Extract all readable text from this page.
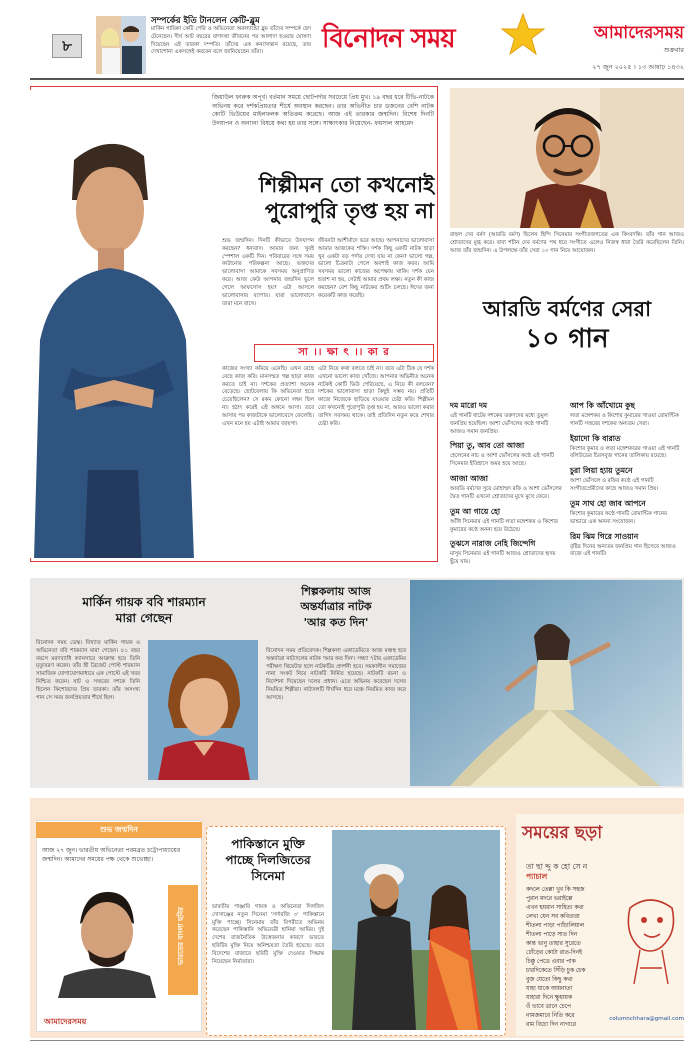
৮
সম্পর্কের ইতি টানলেন কেটি-ব্লুম
মার্কিন গায়িকা কেটি পেরি ও অভিনেতা অরল্যান্ডো ব্লুম তাঁদের সম্পর্কে ছেদ টেনেছেন। দীর্ঘ আট বছরের বাগদত্তা জীবনের পর আলাদা হওয়ার ঘোষণা দিয়েছেন এই তারকা দম্পতি। তাঁদের এক কন্যাসন্তান রয়েছে, তার দেখাশোনা একসঙ্গেই করবেন বলে জানিয়েছেন তাঁরা।	বিনোদন সময়	আমাদেরসময়
শুক্রবার
২৭ জুন ২০২৫ । ১৩ আষাঢ় ১৪৩২
জিয়াউল ফারুক অপূর্ব। বর্তমান সময়ে ছোটপর্দার সবচেয়ে প্রিয় মুখ। ১৯ বছর ধরে টিভি-নাটকে অভিনয় করে দর্শকপ্রিয়তার শীর্ষে অবস্থান করছেন। তার অভিনীত চার ডজনের বেশি নাটক কোটি ভিউয়ের মাইলফলক অতিক্রম করেছে। আজ এই তারকার জন্মদিন। বিশেষ দিনটি উদযাপন ও অন্যান্য বিষয়ে কথা হয় তার সঙ্গে। সাক্ষাৎকার নিয়েছেন- ফয়সাল আহমেদ
শিল্পীমন তো কখনোই
পুরোপুরি তৃপ্ত হয় না
শুভ জন্মদিন। দিনটি কীভাবে উদযাপন করছেন? ধন্যবাদ। আমার জন্য খুবই স্পেশাল একটি দিন। পরিবারের সঙ্গে সময় কাটানোর পরিকল্পনা আছে। ভক্তদের ভালোবাসা আমাকে সবসময় অনুপ্রাণিত করে। আজ কেউ আপনার জন্মদিন ভুলে গেলে আফসোস হয়? এটা আসলে ভালোবাসার ব্যাপার। যারা ভালোবাসে তারা মনে রাখে।
জীবনটা আশীর্বাদে ভরে আছে। আপনাদের ভালোবাসা আমার আজকের শক্তি। দর্শক কিছু একটি নাটক ছাড়া খুব একটা বড় পর্দায় দেখা যায় না কেন? ভালো গল্প, ভালো চিত্রনাট্য পেলে অবশ্যই কাজ করব। আমি সবসময় ভালো কাজের অপেক্ষায় থাকি। দর্শক যেন হতাশ না হয়, সেটাই আমার প্রথম লক্ষ্য। নতুন কী কাজ করছেন? বেশ কিছু নাটকের শুটিং চলছে। ঈদের জন্য কয়েকটি কাজ করেছি।
সা ।। ক্ষা ৎ ।। কা র
কাজের সংখ্যা কমিয়ে এনেছি। এখন বেছে বেছে কাজ করি। মানসম্মত গল্প ছাড়া কাজ করতে চাই না। দর্শকের প্রত্যাশা অনেক বেড়েছে। ছোটবেলায় কি অভিনেতা হতে চেয়েছিলেন? সে রকম কোনো লক্ষ্য ছিল না। হঠাৎ করেই এই অঙ্গনে আসা। তবে আসার পর কাজটাকে ভালোবেসে ফেলেছি। এখন মনে হয় এটাই আমার জায়গা।
এটা নিয়ে কথা বলতে চাই না। তবে এটা ঠিক যে দর্শক এখনো ভালো কাজ খোঁজে। আপনার অভিনীত অনেক নাটকই কোটি ভিউ পেরিয়েছে, এ নিয়ে কী বলবেন? দর্শকের ভালোবাসা ছাড়া কিছুই সম্ভব নয়। প্রতিটি কাজে নিজেকে ছাড়িয়ে যাওয়ার চেষ্টা করি। শিল্পীমন তো কখনোই পুরোপুরি তৃপ্ত হয় না, আরও ভালো করার তাগিদ সবসময় থাকে। তাই প্রতিদিন নতুন করে শেখার চেষ্টা করি।
রাহুল দেব বর্মণ (আরডি বর্মণ) ছিলেন হিন্দি সিনেমার সংগীতজগতের এক কিংবদন্তি। তাঁর গান আজও শ্রোতাদের মুগ্ধ করে। বাবা শচীন দেব বর্মণের পথ ধরে সংগীতে এলেও নিজস্ব ধারা তৈরি করেছিলেন তিনি। আজ তাঁর জন্মদিন। এ উপলক্ষে তাঁর সেরা ১০ গান নিয়ে আয়োজন।
আরডি বর্মণের সেরা
১০ গান
দম মারো দম
এই গানটি ষাটের দশকের তরুণদের মধ্যে তুমুল জনপ্রিয় হয়েছিল। আশা ভোঁসলের কণ্ঠে গানটি আজও সমান জনপ্রিয়।
পিয়া তু, আব তো আজা
হেলেনের নাচ ও আশা ভোঁসলের কণ্ঠে এই গানটি সিনেমার ইতিহাসে অমর হয়ে আছে।
আজা আজা
আরডি বর্মণের সুরে মোহাম্মদ রফি ও আশা ভোঁসলের দ্বৈত গানটি এখনো শ্রোতাদের মুখে মুখে ফেরে।
তুম আ গায়ে হো
আঁধি সিনেমার এই গানটি লতা মঙ্গেশকর ও কিশোর কুমারের কণ্ঠে অনন্য হয়ে উঠেছে।
তুঝসে নারাজ নেহি জিন্দেগি
মাসুম সিনেমার এই গানটি আজও শ্রোতাদের হৃদয় ছুঁয়ে যায়।
আপ কি আঁখোমে কুছ
লতা মঙ্গেশকর ও কিশোর কুমারের গাওয়া রোমান্টিক গানটি সত্তরের দশকের অন্যতম সেরা।
ইয়াদো কি বারাত
কিশোর কুমার ও লতা মঙ্গেশকরের গাওয়া এই গানটি বলিউডের চিরসবুজ গানের তালিকায় রয়েছে।
চুরা লিয়া হ্যায় তুমনে
আশা ভোঁসলে ও রফির কণ্ঠে এই গানটি সংগীতপ্রেমীদের কাছে আজও সমান প্রিয়।
তুম সাথ হো জাব আপনে
কিশোর কুমারের কণ্ঠে গানটি রোমান্টিক গানের ভান্ডারে এক অনন্য সংযোজন।
রিম ঝিম গিরে সাওয়ান
বৃষ্টির দিনের অন্যতম জনপ্রিয় গান হিসেবে আজও বাজে এই গানটি।
মার্কিন গায়ক ববি শারম্যান
মারা গেছেন
বিনোদন সময় ডেস্ক। বিখ্যাত মার্কিন গায়ক ও অভিনেতা ববি শারম্যান মারা গেছেন। ৮১ বছর বয়সে মরণব্যাধি ক্যানসারে আক্রান্ত হয়ে তিনি মৃত্যুবরণ করেন। তাঁর স্ত্রী ব্রিজেট পোস্ট শারম্যান সামাজিক যোগাযোগমাধ্যমে এক পোস্টে এই খবর নিশ্চিত করেন। ষাট ও সত্তরের দশকে তিনি ছিলেন কিশোরদের প্রিয় তারকা। তাঁর অসংখ্য গান সে সময় জনপ্রিয়তার শীর্ষে ছিল।
শিল্পকলায় আজ
অন্তর্যাত্রার নাটক
'আর কত দিন'
বিনোদন সময় প্রতিবেদক। শিল্পকলা একাডেমিতে আজ মঞ্চস্থ হবে অন্তর্যাত্রা নাট্যদলের নাটক 'আর কত দিন'। সন্ধ্যা ৭টায় একাডেমির পরীক্ষণ থিয়েটার হলে নাটকটির প্রদর্শনী হবে। সমকালীন সমাজের নানা সংকট নিয়ে নাটকটি নির্মিত হয়েছে। নাটকটি রচনা ও নির্দেশনা দিয়েছেন দলের প্রধান। এতে অভিনয় করেছেন দলের নিয়মিত শিল্পীরা। নাট্যদলটি দীর্ঘদিন ধরে মঞ্চে নিয়মিত কাজ করে আসছে।
শুভ জন্মদিন
আজ ২৭ জুন। ভারতীয় অভিনেতা পরমব্রত চট্টোপাধ্যায়ের জন্মদিন। আমাদের সময়ের পক্ষ থেকে শুভেচ্ছা।
ভারতের বাংলা ছবির
আমাদেরসময়
পাকিস্তানে মুক্তি
পাচ্ছে দিলজিতের
সিনেমা
ভারতীয় পাঞ্জাবি গায়ক ও অভিনেতা দিলজিৎ দোসাঞ্জের নতুন সিনেমা 'সর্দারজি ৩' পাকিস্তানে মুক্তি পাচ্ছে। সিনেমায় তাঁর বিপরীতে অভিনয় করেছেন পাকিস্তানি অভিনেত্রী হানিয়া আমির। দুই দেশের রাজনৈতিক উত্তেজনার কারণে ভারতে ছবিটির মুক্তি নিয়ে অনিশ্চয়তা তৈরি হয়েছে। তবে বিদেশের বাজারে ছবিটি মুক্তি দেওয়ার সিদ্ধান্ত নিয়েছেন নির্মাতারা।
সময়ের ছড়া
তা ছা দ্দু ক হো সে ন
প্যাচাল
কদলে তেল্লা খুব কি সহজ
পুরান মদরে ভরাইল্লে
এখন হয়রান সাহিত্য কথা
লেখা যেন সব কবিতারা
শীতলা পাড়া প্যাঁচালিয়াল
শীতলা পাড়ে সাত দিন
কান্ত ভানু তাহার সুরেতে
ঢোঁড়ের কোটা রাত-দিনই
চিক্কু পেডে এবার পাক
চারদিকেতে সিঁড়ি চুক চেক
বুজ যেতো কিছু কথা
যাহা যাকে আয়নাতা
যাহারা দিনে ক্ষুধায়ক
ওঁ ভাবে ডানে চেপে
নামজমাবে নিতি করে
রাম বিচো দিন নাগারে
columnchhara@gmail.com
